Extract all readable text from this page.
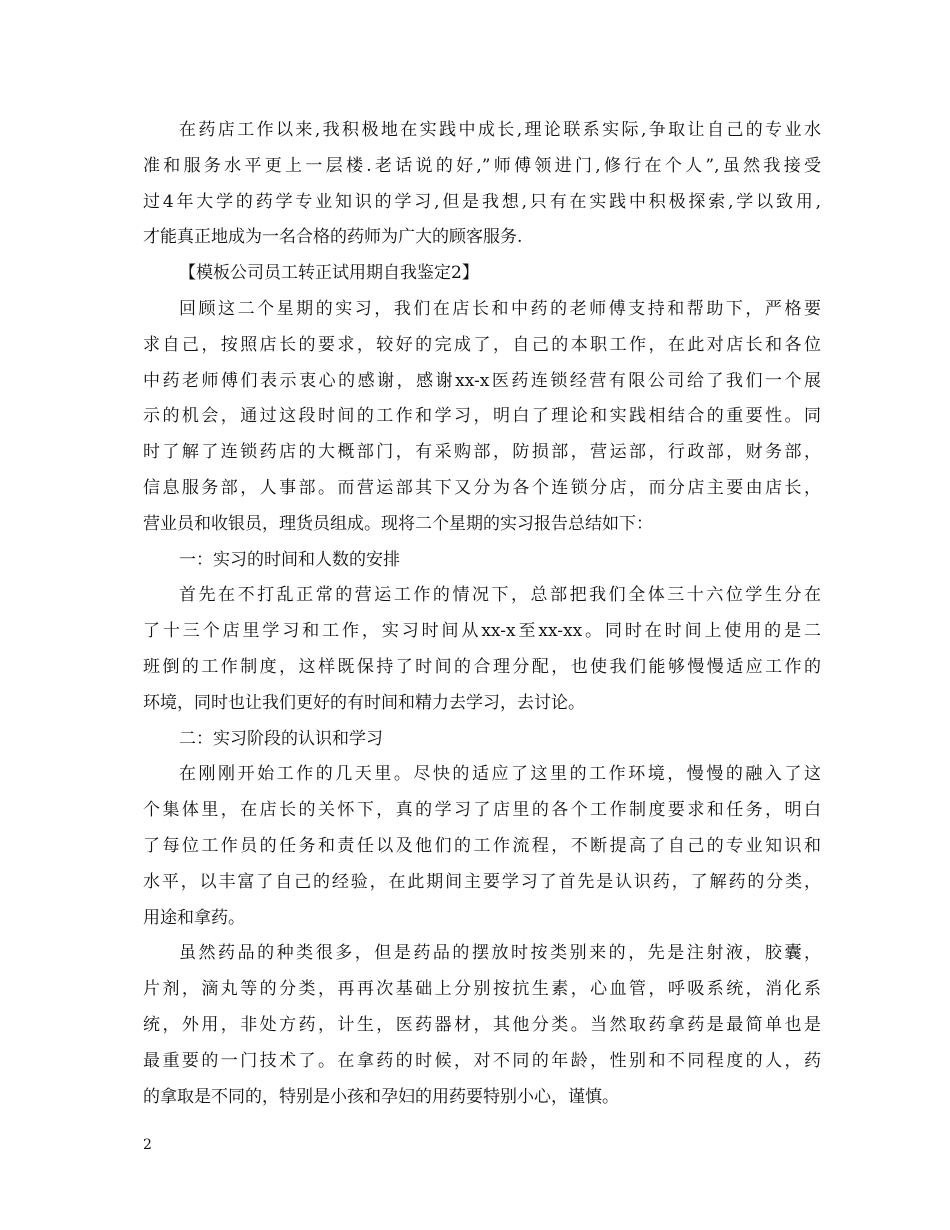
在药店工作以来,我积极地在实践中成长,理论联系实际,争取让自己的专业水
准和服务水平更上一层楼.老话说的好,”师傅领进门,修行在个人”,虽然我接受
过4年大学的药学专业知识的学习,但是我想,只有在实践中积极探索,学以致用,
才能真正地成为一名合格的药师为广大的顾客服务.
【模板公司员工转正试用期自我鉴定2】
回顾这二个星期的实习，我们在店长和中药的老师傅支持和帮助下，严格要
求自己，按照店长的要求，较好的完成了，自己的本职工作，在此对店长和各位
中药老师傅们表示衷心的感谢，感谢xx-x医药连锁经营有限公司给了我们一个展
示的机会，通过这段时间的工作和学习，明白了理论和实践相结合的重要性。同
时了解了连锁药店的大概部门，有采购部，防损部，营运部，行政部，财务部，
信息服务部，人事部。而营运部其下又分为各个连锁分店，而分店主要由店长，
营业员和收银员，理货员组成。现将二个星期的实习报告总结如下：
一：实习的时间和人数的安排
首先在不打乱正常的营运工作的情况下，总部把我们全体三十六位学生分在
了十三个店里学习和工作，实习时间从xx-x至xx-xx。同时在时间上使用的是二
班倒的工作制度，这样既保持了时间的合理分配，也使我们能够慢慢适应工作的
环境，同时也让我们更好的有时间和精力去学习，去讨论。
二：实习阶段的认识和学习
在刚刚开始工作的几天里。尽快的适应了这里的工作环境，慢慢的融入了这
个集体里，在店长的关怀下，真的学习了店里的各个工作制度要求和任务，明白
了每位工作员的任务和责任以及他们的工作流程，不断提高了自己的专业知识和
水平，以丰富了自己的经验，在此期间主要学习了首先是认识药，了解药的分类，
用途和拿药。
虽然药品的种类很多，但是药品的摆放时按类别来的，先是注射液，胶囊，
片剂，滴丸等的分类，再再次基础上分别按抗生素，心血管，呼吸系统，消化系
统，外用，非处方药，计生，医药器材，其他分类。当然取药拿药是最简单也是
最重要的一门技术了。在拿药的时候，对不同的年龄，性别和不同程度的人，药
的拿取是不同的，特别是小孩和孕妇的用药要特别小心，谨慎。
2
